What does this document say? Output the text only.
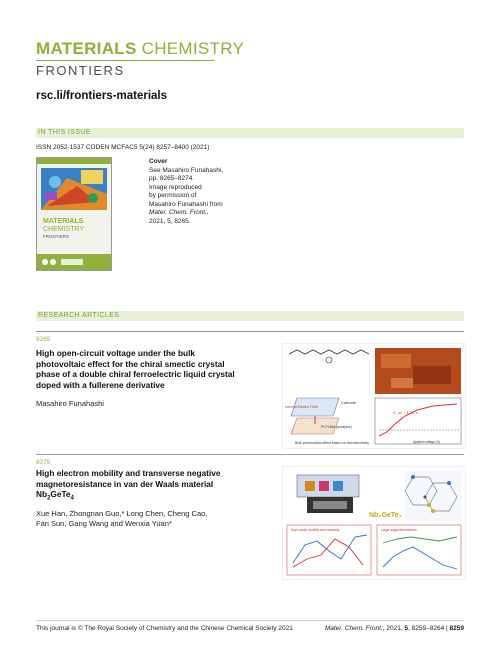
MATERIALS CHEMISTRY
FRONTIERS
rsc.li/frontiers-materials
IN THIS ISSUE
ISSN 2052-1537 CODEN MCFAC5 5(24) 8257–8400 (2021)
MATERIALS
CHEMISTRY
FRONTIERS
Cover
See Masahiro Funahashi,
pp. 8265–8274.
Image reproduced
by permission of
Masahiro Funahashi from
Mater. Chem. Front.,
2021, 5, 8265.
RESEARCH ARTICLES
8265
High open-circuit voltage under the bulk
photovoltaic effect for the chiral smectic crystal
phase of a double chiral ferroelectric liquid crystal
doped with a fullerene derivative
Masahiro Funahashi	Cathode
Internal Electric Field
PC71BM (acceptor)
Bulk photovoltaic effect based on ferroelectricity
V_oc = 1.21 V
Applied voltage (V)
8275
High electron mobility and transverse negative
magnetoresistance in van der Waals material
$Nb_2GeTe_4$
Xue Han, Zhongnan Guo,* Long Chen, Cheng Cao,
Fan Sun, Gang Wang and Wenxia Yuan*
Nb₂GeTe₄
High carrier mobility and resistivity	Large magnetoresistance
This journal is © The Royal Society of Chemistry and the Chinese Chemical Society 2021	Mater. Chem. Front., 2021, 5, 8259–8264 | 8259
